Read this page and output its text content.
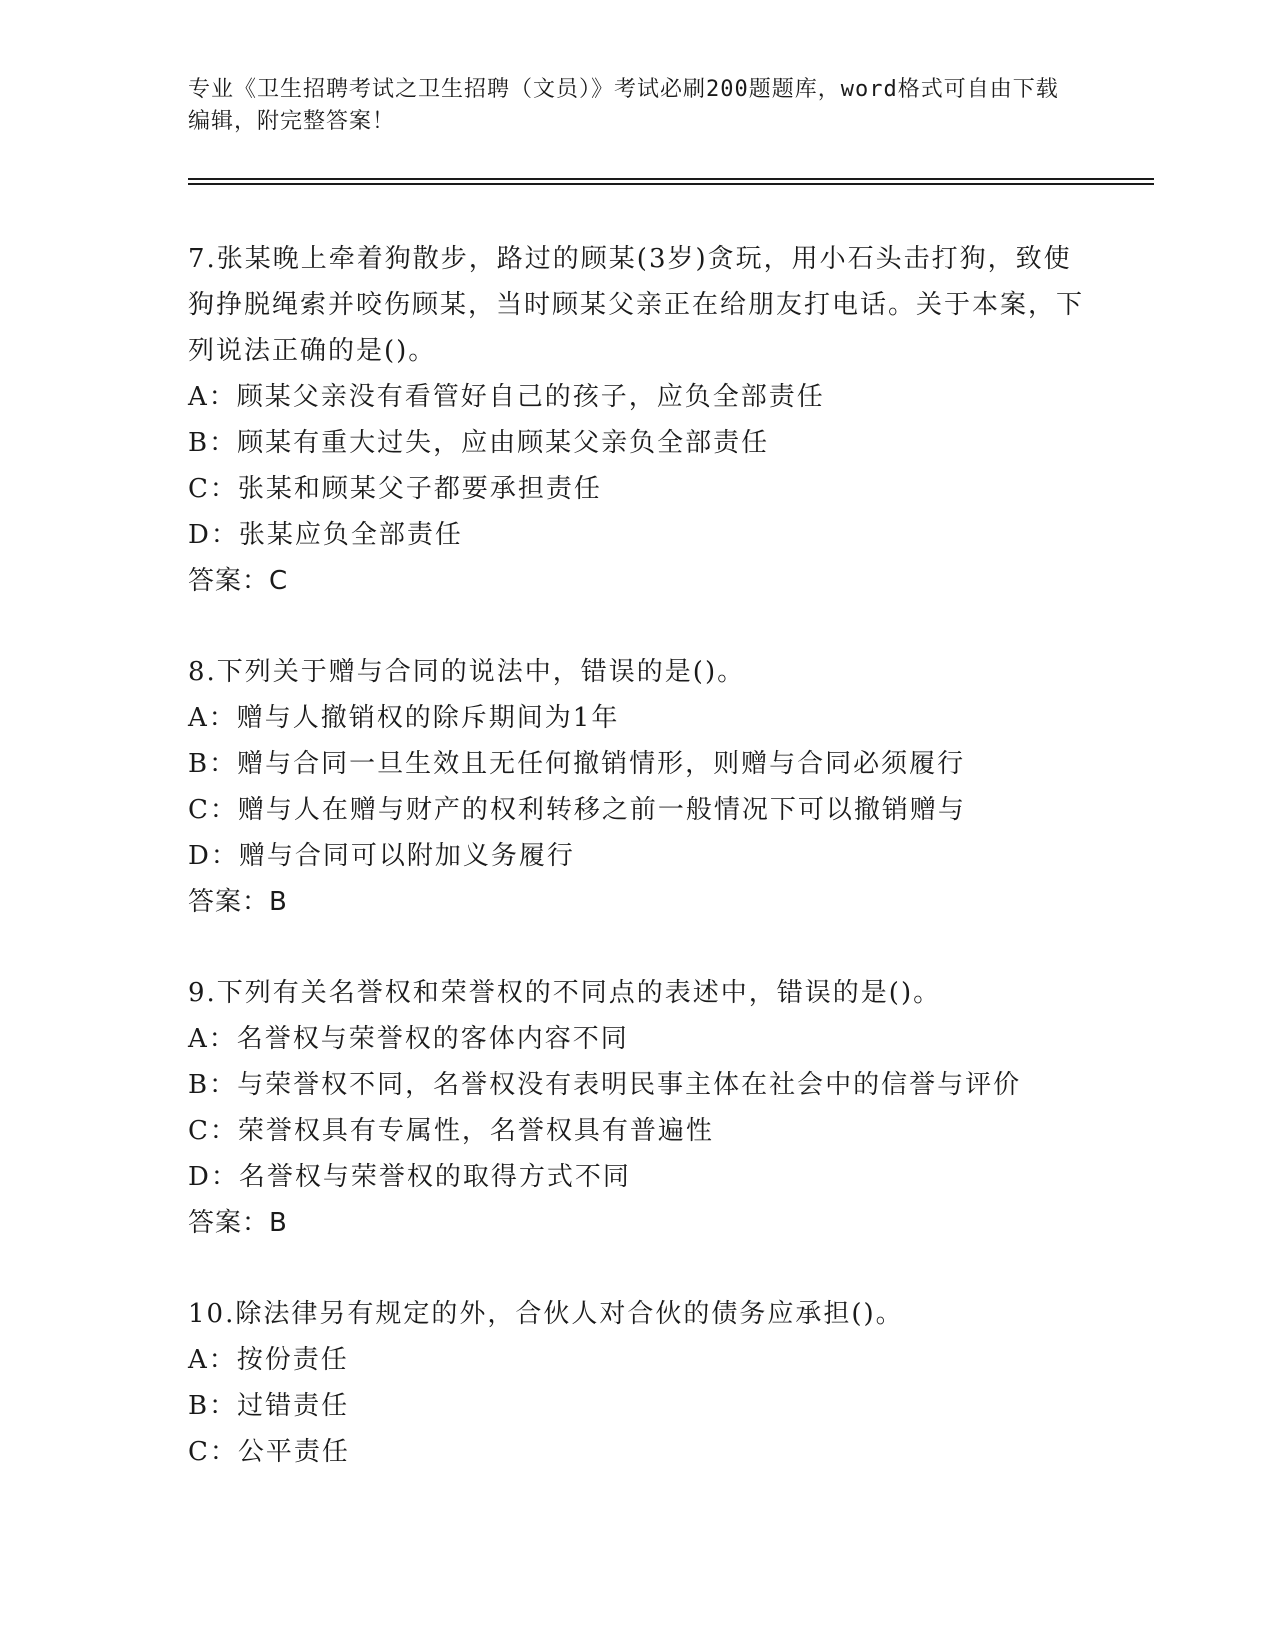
专业《卫生招聘考试之卫生招聘（文员）》考试必刷200题题库，word格式可自由下载编辑，附完整答案！

7.张某晚上牵着狗散步，路过的顾某(3岁)贪玩，用小石头击打狗，致使狗挣脱绳索并咬伤顾某，当时顾某父亲正在给朋友打电话。关于本案，下列说法正确的是()。

A：顾某父亲没有看管好自己的孩子，应负全部责任

B：顾某有重大过失，应由顾某父亲负全部责任

C：张某和顾某父子都要承担责任

D：张某应负全部责任

答案：C

8.下列关于赠与合同的说法中，错误的是()。

A：赠与人撤销权的除斥期间为1年

B：赠与合同一旦生效且无任何撤销情形，则赠与合同必须履行

C：赠与人在赠与财产的权利转移之前一般情况下可以撤销赠与

D：赠与合同可以附加义务履行

答案：B

9.下列有关名誉权和荣誉权的不同点的表述中，错误的是()。

A：名誉权与荣誉权的客体内容不同

B：与荣誉权不同，名誉权没有表明民事主体在社会中的信誉与评价

C：荣誉权具有专属性，名誉权具有普遍性

D：名誉权与荣誉权的取得方式不同

答案：B

10.除法律另有规定的外，合伙人对合伙的债务应承担()。

A：按份责任

B：过错责任

C：公平责任
